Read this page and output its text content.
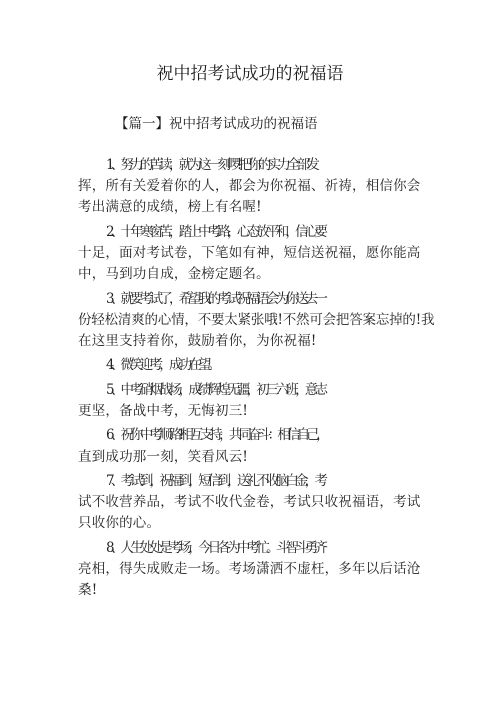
祝中招考试成功的祝福语
【篇一】祝中招考试成功的祝福语

1、努力的苦读，就为这一刻啰!把你的实力全部发
挥，所有关爱着你的人，都会为你祝福、祈祷，相信你会
考出满意的成绩，榜上有名喔!

2、十年寒窗苦，踏上中考路，心态放平和，信心要
十足，面对考试卷，下笔如有神，短信送祝福，愿你能高
中，马到功自成，金榜定题名。

3、就要考试了，希望我的考试祝福语会为你送去一
份轻松清爽的心情，不要太紧张哦!不然可会把答案忘掉的!我
在这里支持着你，鼓励着你，为你祝福!

4、微笑迎考，成功在望。

5、中考硝烟战场，成绩辉煌无疆，初三六班，意志
更坚，备战中考，无悔初三!

6、祝你中考顺路!相互支持，共同奋斗：相信自己，
直到成功那一刻，笑看风云!

7、考试到，祝福到，短信到，送礼不收脑白金，考
试不收营养品，考试不收代金卷，考试只收祝福语，考试
只收你的心。

8、人生处处是考场，今日各为中考忙。斗智斗勇齐
亮相，得失成败走一场。考场潇洒不虚枉，多年以后话沧
桑!
